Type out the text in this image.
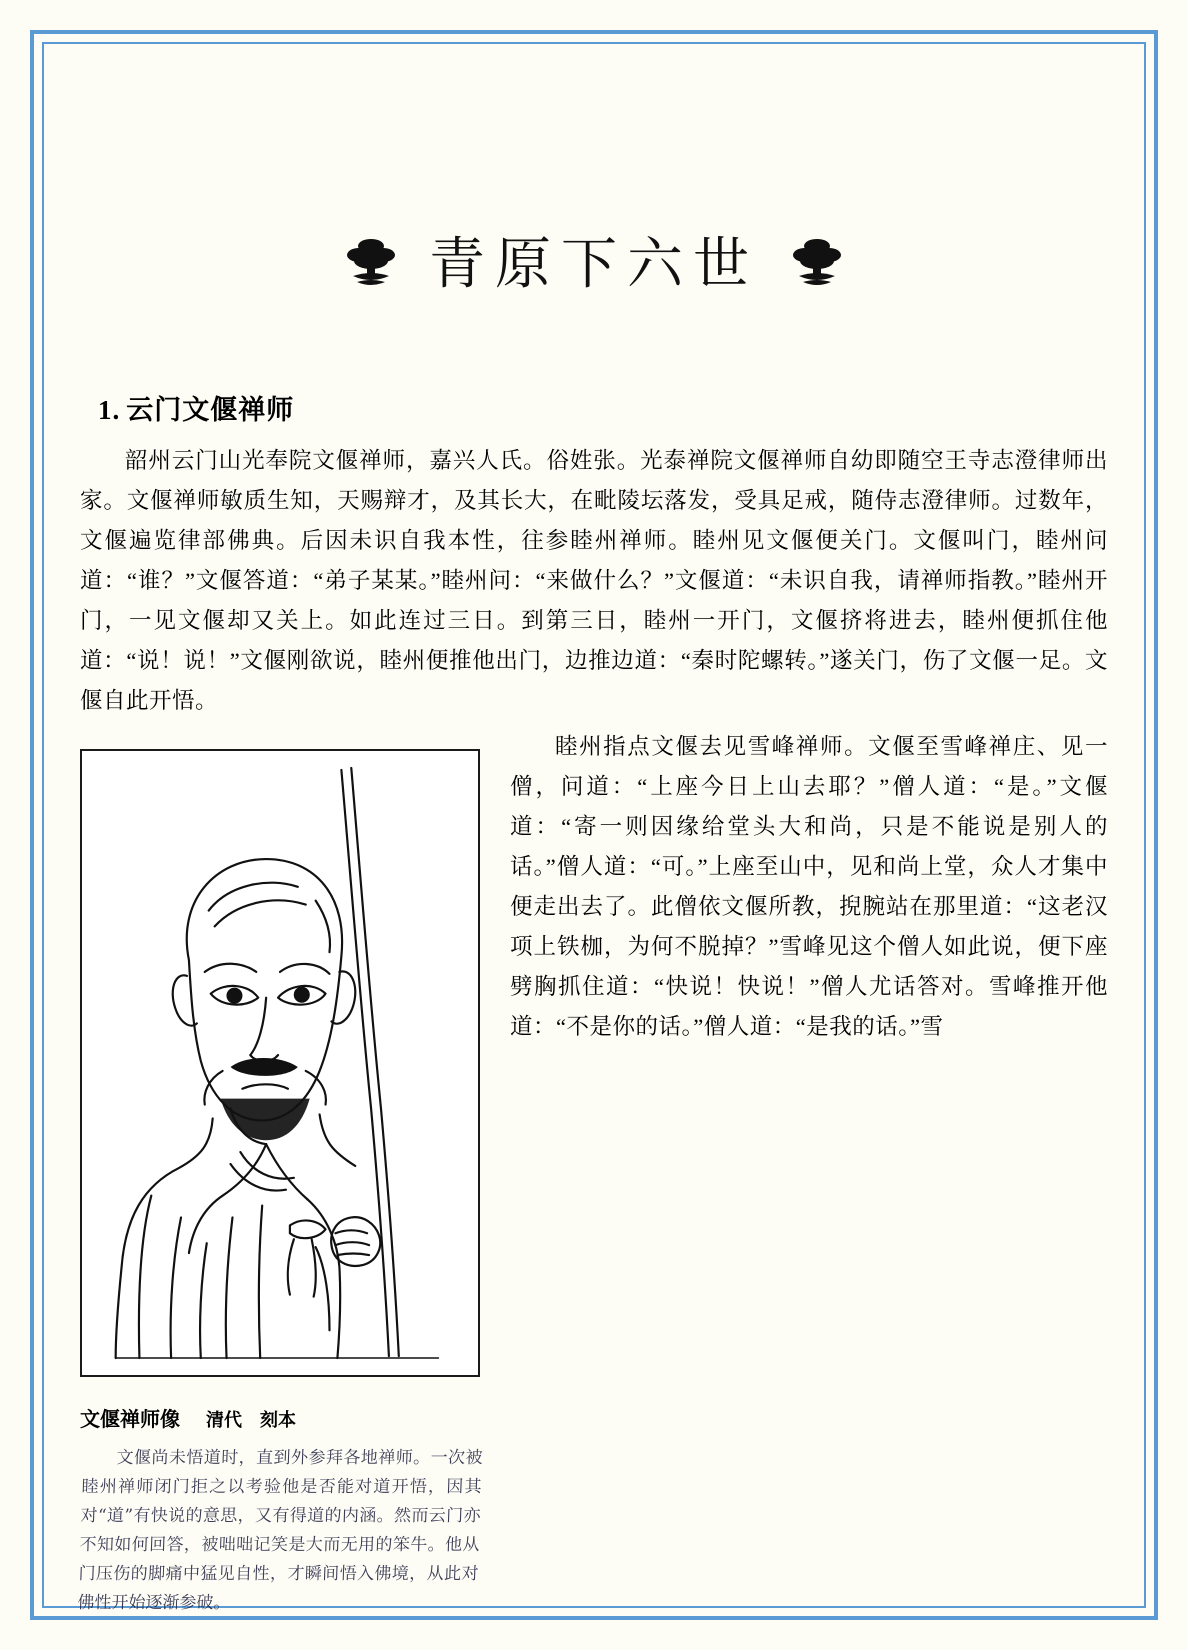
青原下六世
1. 云门文偃禅师

韶州云门山光奉院文偃禅师，嘉兴人氏。俗姓张。光泰禅院文偃禅师自幼即随空王寺志澄律师出家。文偃禅师敏质生知，天赐辩才，及其长大，在毗陵坛落发，受具足戒，随侍志澄律师。过数年，文偃遍览律部佛典。后因未识自我本性，往参睦州禅师。睦州见文偃便关门。文偃叫门，睦州问道：“谁？”文偃答道：“弟子某某。”睦州问：“来做什么？”文偃道：“未识自我，请禅师指教。”睦州开门，一见文偃却又关上。如此连过三日。到第三日，睦州一开门，文偃挤将进去，睦州便抓住他道：“说！说！”文偃刚欲说，睦州便推他出门，边推边道：“秦时陀螺转。”遂关门，伤了文偃一足。文偃自此开悟。

文偃禅师像 清代 刻本
文偃尚未悟道时，直到外参拜各地禅师。一次被睦州禅师闭门拒之以考验他是否能对道开悟，因其对“道”有快说的意思，又有得道的内涵。然而云门亦不知如何回答，被咄咄记笑是大而无用的笨牛。他从门压伤的脚痛中猛见自性，才瞬间悟入佛境，从此对佛性开始逐渐参破。

睦州指点文偃去见雪峰禅师。文偃至雪峰禅庄、见一僧，问道：“上座今日上山去耶？”僧人道：“是。”文偃道：“寄一则因缘给堂头大和尚，只是不能说是别人的话。”僧人道：“可。”上座至山中，见和尚上堂，众人才集中便走出去了。此僧依文偃所教，掜腕站在那里道：“这老汉项上铁枷，为何不脱掉？”雪峰见这个僧人如此说，便下座劈胸抓住道：“快说！快说！”僧人尤话答对。雪峰推开他道：“不是你的话。”僧人道：“是我的话。”雪
